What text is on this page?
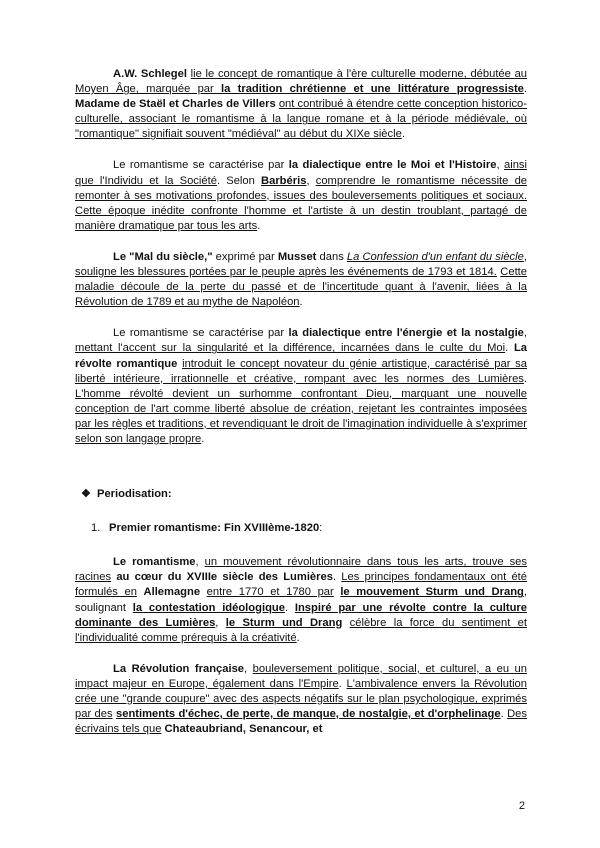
A.W. Schlegel lie le concept de romantique à l'ère culturelle moderne, débutée au Moyen Âge, marquée par la tradition chrétienne et une littérature progressiste. Madame de Staël et Charles de Villers ont contribué à étendre cette conception historico-culturelle, associant le romantisme à la langue romane et à la période médiévale, où "romantique" signifiait souvent "médiéval" au début du XIXe siècle.

Le romantisme se caractérise par la dialectique entre le Moi et l'Histoire, ainsi que l'Individu et la Société. Selon Barbéris, comprendre le romantisme nécessite de remonter à ses motivations profondes, issues des bouleversements politiques et sociaux. Cette époque inédite confronte l'homme et l'artiste à un destin troublant, partagé de manière dramatique par tous les arts.

Le "Mal du siècle," exprimé par Musset dans La Confession d'un enfant du siècle, souligne les blessures portées par le peuple après les événements de 1793 et 1814. Cette maladie découle de la perte du passé et de l'incertitude quant à l'avenir, liées à la Révolution de 1789 et au mythe de Napoléon.

Le romantisme se caractérise par la dialectique entre l'énergie et la nostalgie, mettant l'accent sur la singularité et la différence, incarnées dans le culte du Moi. La révolte romantique introduit le concept novateur du génie artistique, caractérisé par sa liberté intérieure, irrationnelle et créative, rompant avec les normes des Lumières. L'homme révolté devient un surhomme confrontant Dieu, marquant une nouvelle conception de l'art comme liberté absolue de création, rejetant les contraintes imposées par les règles et traditions, et revendiquant le droit de l'imagination individuelle à s'exprimer selon son langage propre.

❖ Periodisation:
1. Premier romantisme: Fin XVIIIème-1820:

Le romantisme, un mouvement révolutionnaire dans tous les arts, trouve ses racines au cœur du XVIIIe siècle des Lumières. Les principes fondamentaux ont été formulés en Allemagne entre 1770 et 1780 par le mouvement Sturm und Drang, soulignant la contestation idéologique. Inspiré par une révolte contre la culture dominante des Lumières, le Sturm und Drang célèbre la force du sentiment et l'individualité comme prérequis à la créativité.

La Révolution française, bouleversement politique, social, et culturel, a eu un impact majeur en Europe, également dans l'Empire. L'ambivalence envers la Révolution crée une "grande coupure" avec des aspects négatifs sur le plan psychologique, exprimés par des sentiments d'échec, de perte, de manque, de nostalgie, et d'orphelinage. Des écrivains tels que Chateaubriand, Senancour, et

2
